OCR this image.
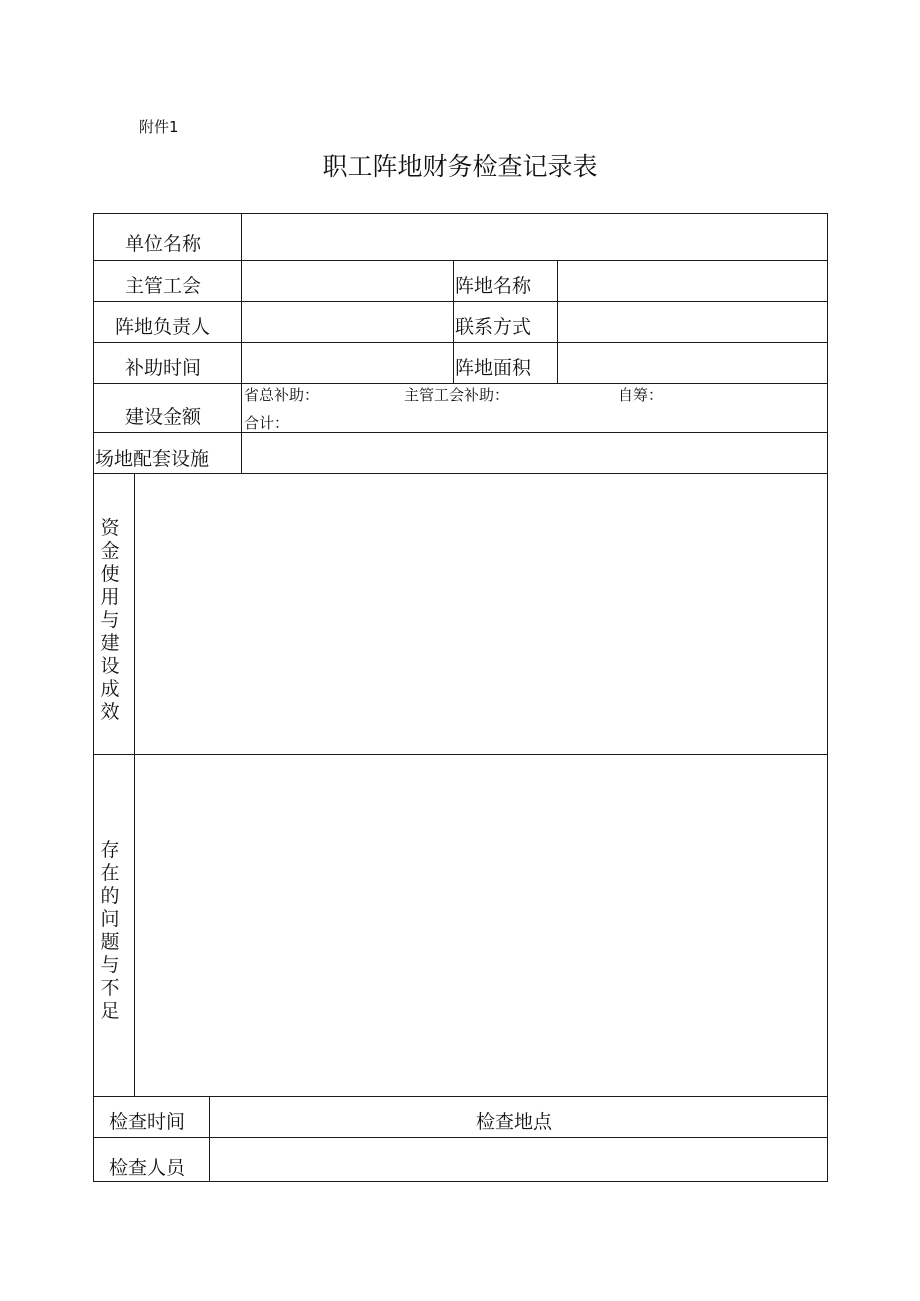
附件1
职工阵地财务检查记录表
单位名称
主管工会	阵地名称
阵地负责人	联系方式
补助时间	阵地面积
建设金额
省总补助：	主管工会补助：	自筹：
合计：
场地配套设施
资金使用与建设成效
存在的问题与不足
检查时间	检查地点
检查人员
